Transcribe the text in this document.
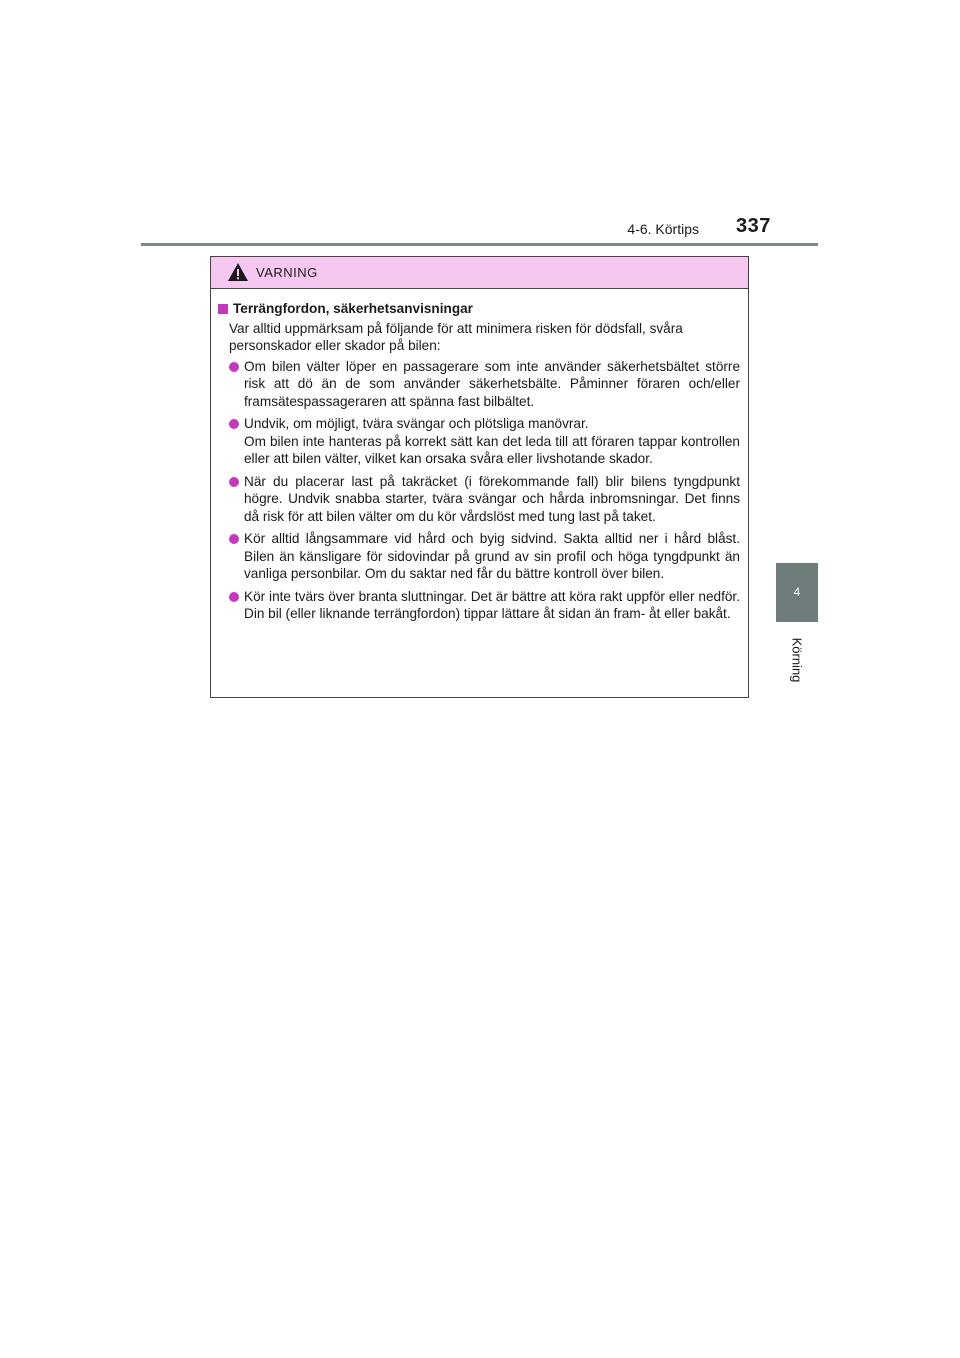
4-6. Körtips 337
4
Körning
VARNING
Terrängfordon, säkerhetsanvisningar
Var alltid uppmärksam på följande för att minimera risken för dödsfall, svåra personskador eller skador på bilen:

Om bilen välter löper en passagerare som inte använder säkerhetsbältet större risk att dö än de som använder säkerhetsbälte. Påminner föraren och/eller framsätespassageraren att spänna fast bilbältet.

Undvik, om möjligt, tvära svängar och plötsliga manövrar.

Om bilen inte hanteras på korrekt sätt kan det leda till att föraren tappar kontrollen eller att bilen välter, vilket kan orsaka svåra eller livshotande skador.

När du placerar last på takräcket (i förekommande fall) blir bilens tyngdpunkt högre. Undvik snabba starter, tvära svängar och hårda inbromsningar. Det finns då risk för att bilen välter om du kör vårdslöst med tung last på taket.

Kör alltid långsammare vid hård och byig sidvind. Sakta alltid ner i hård blåst. Bilen än känsligare för sidovindar på grund av sin profil och höga tyngdpunkt än vanliga personbilar. Om du saktar ned får du bättre kontroll över bilen.

Kör inte tvärs över branta sluttningar. Det är bättre att köra rakt uppför eller nedför. Din bil (eller liknande terrängfordon) tippar lättare åt sidan än fram- åt eller bakåt.
